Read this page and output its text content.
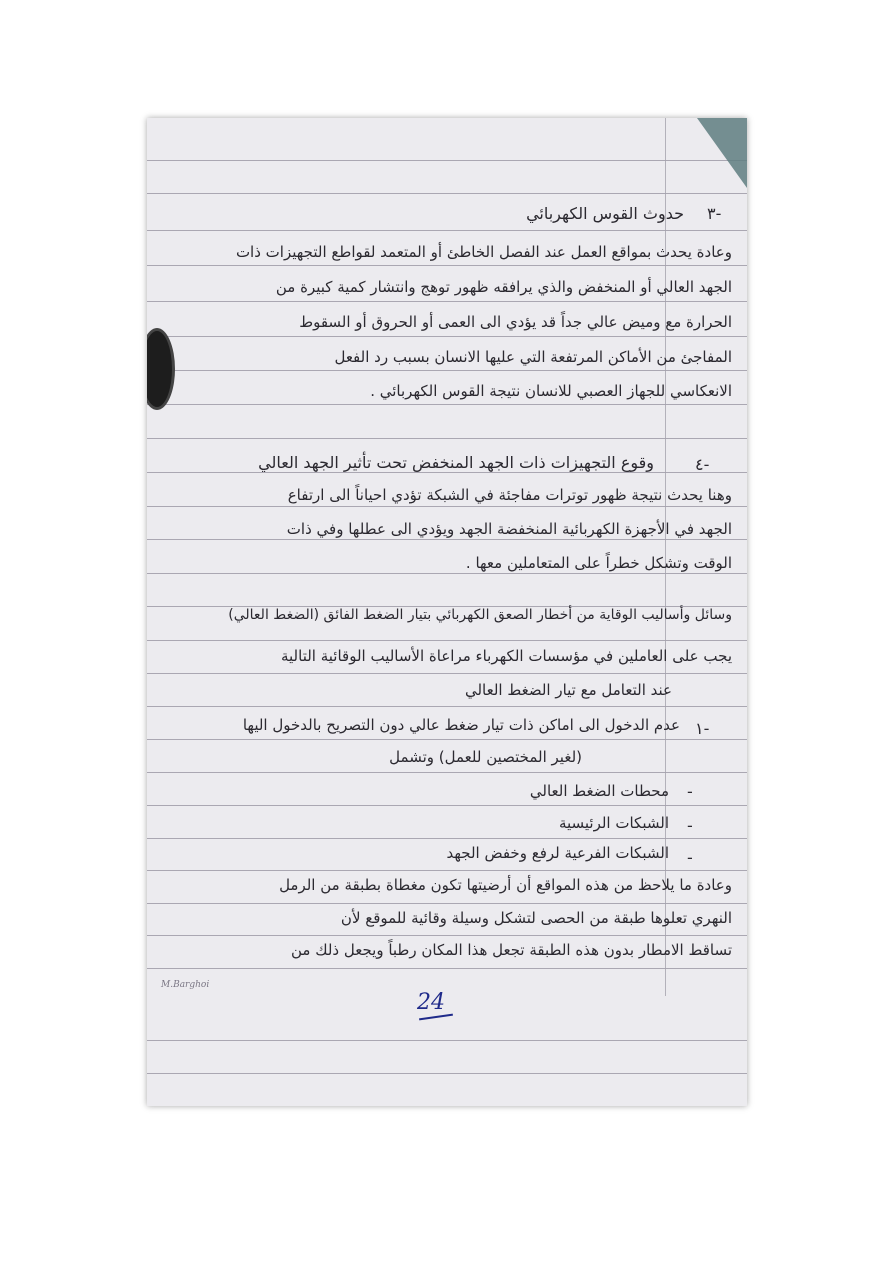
٣-
حدوث القوس الكهربائي
وعادة يحدث بمواقع العمل عند الفصل الخاطئ أو المتعمد لقواطع التجهيزات ذات
الجهد العالي أو المنخفض والذي يرافقه ظهور توهج وانتشار كمية كبيرة من
الحرارة مع وميض عالي جداً قد يؤدي الى العمى أو الحروق أو السقوط
المفاجئ من الأماكن المرتفعة التي عليها الانسان بسبب رد الفعل
الانعكاسي للجهاز العصبي للانسان نتيجة القوس الكهربائي .
٤-
وقوع التجهيزات ذات الجهد المنخفض تحت تأثير الجهد العالي
وهنا يحدث نتيجة ظهور توترات مفاجئة في الشبكة تؤدي احياناً الى ارتفاع
الجهد في الأجهزة الكهربائية المنخفضة الجهد ويؤدي الى عطلها وفي ذات
الوقت وتشكل خطراً على المتعاملين معها .
وسائل وأساليب الوقاية من أخطار الصعق الكهربائي بتيار الضغط الفائق (الضغط العالي)
يجب على العاملين في مؤسسات الكهرباء مراعاة الأساليب الوقائية التالية
عند التعامل مع تيار الضغط العالي
١-
عدم الدخول الى اماكن ذات تيار ضغط عالي دون التصريح بالدخول اليها
(لغير المختصين للعمل) وتشمل
-
محطات الضغط العالي
-
الشبكات الرئيسية
-
الشبكات الفرعية لرفع وخفض الجهد
وعادة ما يلاحظ من هذه المواقع أن أرضيتها تكون مغطاة بطبقة من الرمل
النهري تعلوها طبقة من الحصى لتشكل وسيلة وقائية للموقع لأن
تساقط الامطار بدون هذه الطبقة تجعل هذا المكان رطباً ويجعل ذلك من
M.Barghoi
24
